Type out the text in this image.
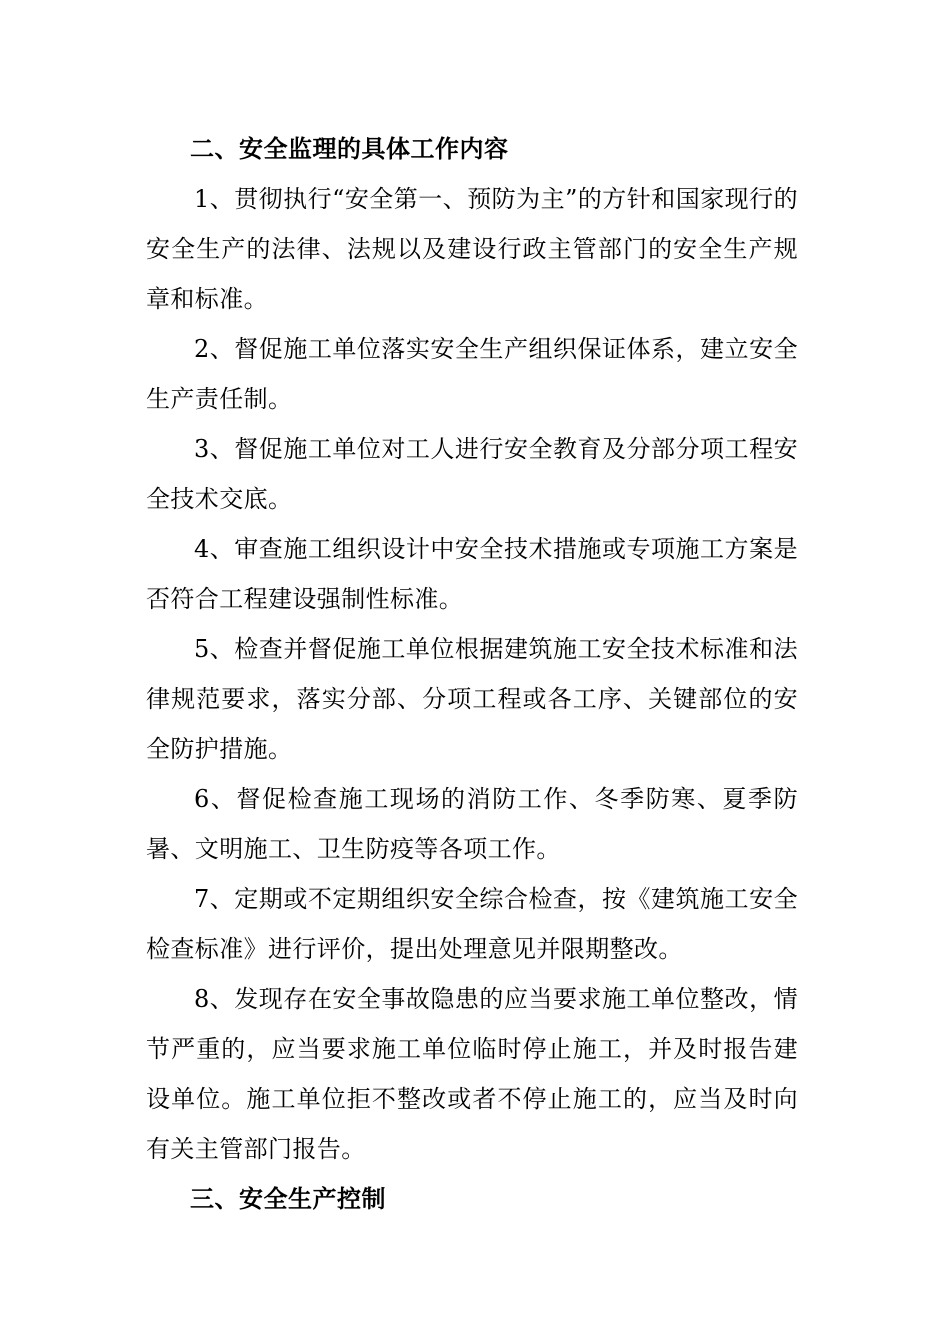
二、安全监理的具体工作内容

1、贯彻执行“安全第一、预防为主”的方针和国家现行的安全生产的法律、法规以及建设行政主管部门的安全生产规章和标准。

2、督促施工单位落实安全生产组织保证体系，建立安全生产责任制。

3、督促施工单位对工人进行安全教育及分部分项工程安全技术交底。

4、审查施工组织设计中安全技术措施或专项施工方案是否符合工程建设强制性标准。

5、检查并督促施工单位根据建筑施工安全技术标准和法律规范要求，落实分部、分项工程或各工序、关键部位的安全防护措施。

6、督促检查施工现场的消防工作、冬季防寒、夏季防暑、文明施工、卫生防疫等各项工作。

7、定期或不定期组织安全综合检查，按《建筑施工安全检查标准》进行评价，提出处理意见并限期整改。

8、发现存在安全事故隐患的应当要求施工单位整改，情节严重的，应当要求施工单位临时停止施工，并及时报告建设单位。施工单位拒不整改或者不停止施工的，应当及时向有关主管部门报告。

三、安全生产控制
